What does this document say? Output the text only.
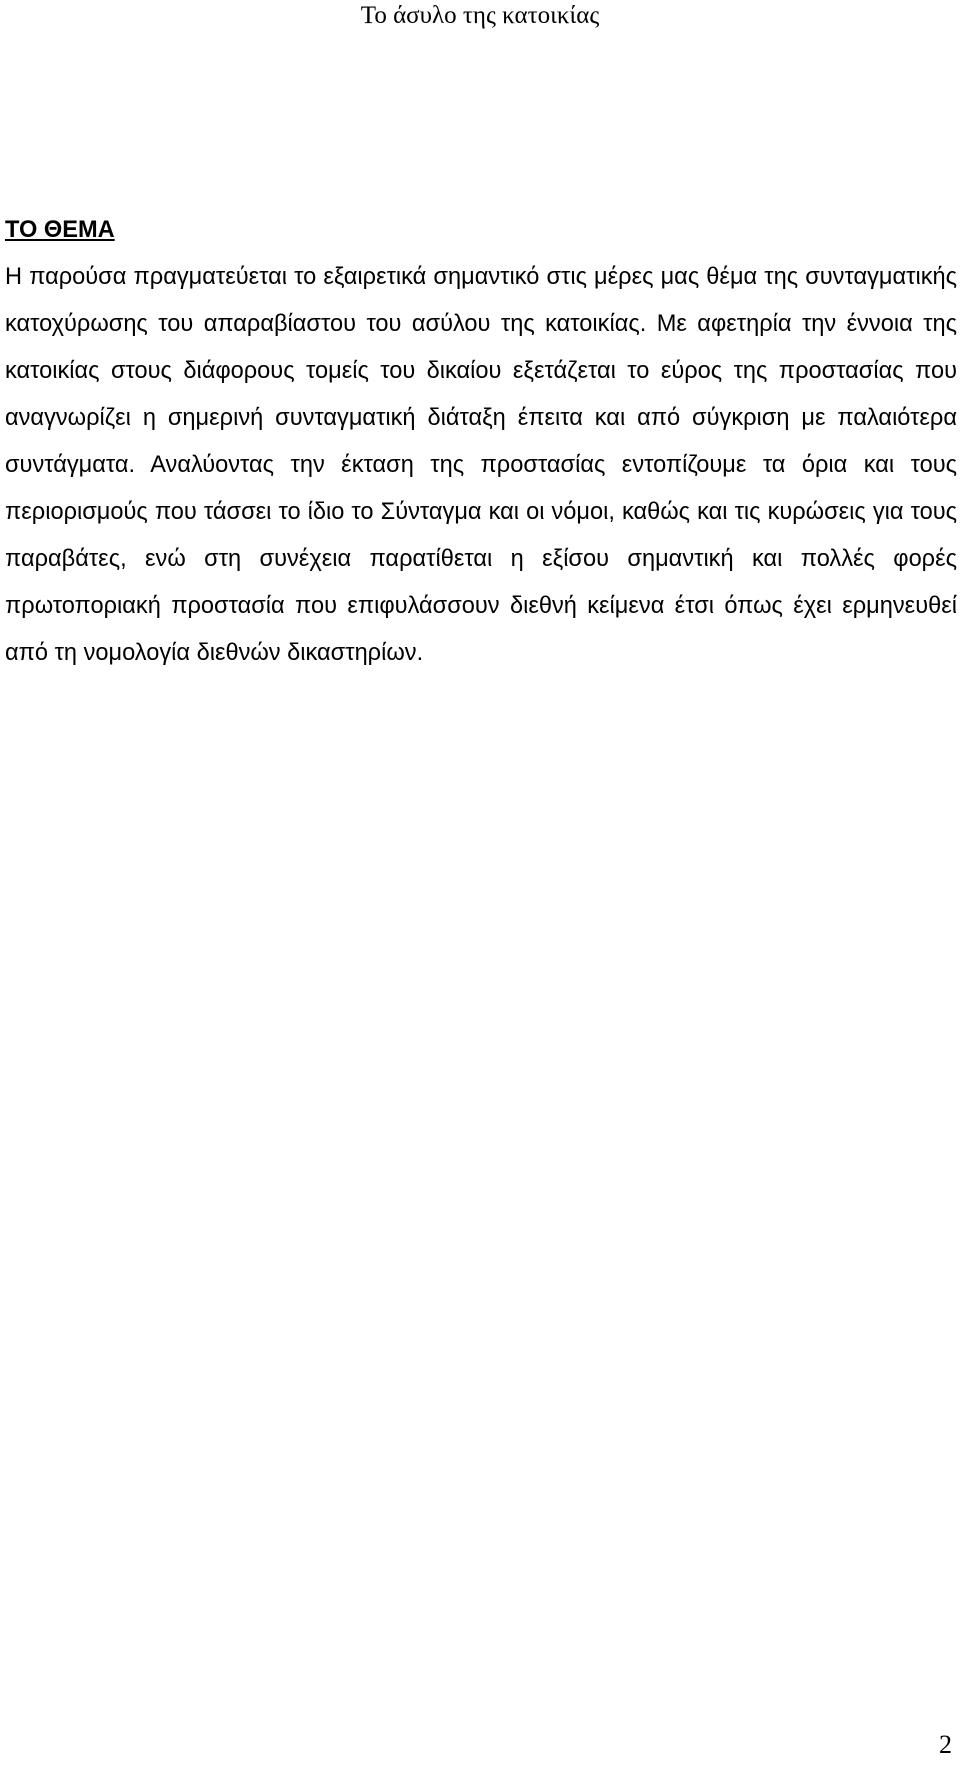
Το άσυλο της κατοικίας
ΤΟ ΘΕΜΑ

Η παρούσα πραγματεύεται το εξαιρετικά σημαντικό στις μέρες μας θέμα της συνταγματικής κατοχύρωσης του απαραβίαστου του ασύλου της κατοικίας. Με αφετηρία την έννοια της κατοικίας στους διάφορους τομείς του δικαίου εξετάζεται το εύρος της προστασίας που αναγνωρίζει η σημερινή συνταγματική διάταξη έπειτα και από σύγκριση με παλαιότερα συντάγματα. Αναλύοντας την έκταση της προστασίας εντοπίζουμε τα όρια και τους περιορισμούς που τάσσει το ίδιο το Σύνταγμα και οι νόμοι, καθώς και τις κυρώσεις για τους παραβάτες, ενώ στη συνέχεια παρατίθεται η εξίσου σημαντική και πολλές φορές πρωτοποριακή προστασία που επιφυλάσσουν διεθνή κείμενα έτσι όπως έχει ερμηνευθεί από τη νομολογία διεθνών δικαστηρίων.

2
